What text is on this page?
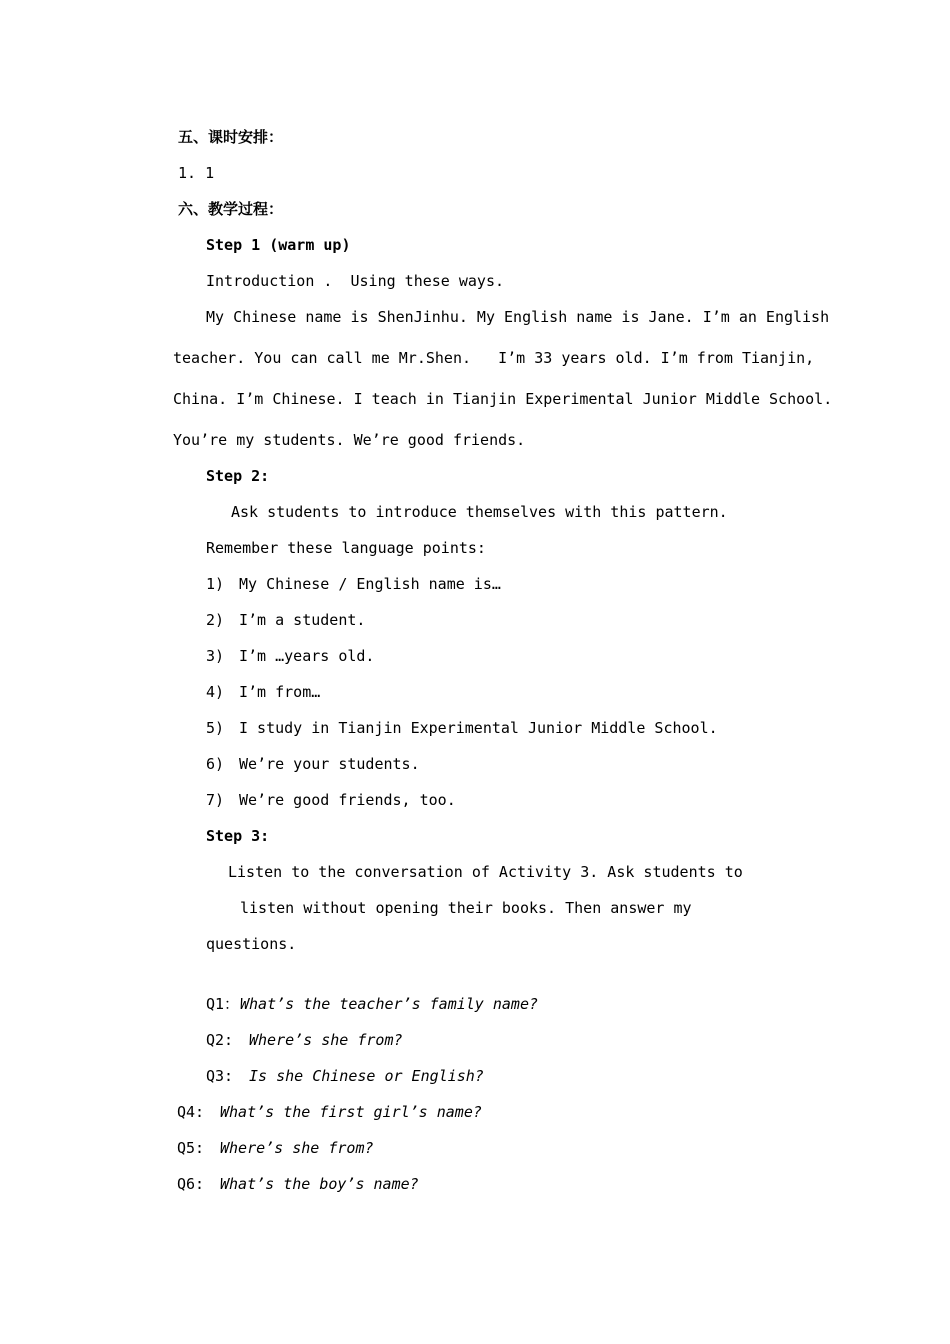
五、课时安排：
1. 1
六、教学过程：
Step 1 (warm up)
Introduction .  Using these ways.
My Chinese name is ShenJinhu. My English name is Jane. I’m an English
teacher. You can call me Mr.Shen.   I’m 33 years old. I’m from Tianjin,
China. I’m Chinese. I teach in Tianjin Experimental Junior Middle School.
You’re my students. We’re good friends.
Step 2:
Ask students to introduce themselves with this pattern.
Remember these language points:
1) My Chinese / English name is…
2) I’m a student.
3) I’m …years old.
4) I’m from…
5) I study in Tianjin Experimental Junior Middle School.
6) We’re your students.
7) We’re good friends, too.
Step 3:
Listen to the conversation of Activity 3. Ask students to
listen without opening their books. Then answer my
questions.
Q1： What’s the teacher’s family name?
Q2: Where’s she from?
Q3: Is she Chinese or English?
Q4: What’s the first girl’s name?
Q5: Where’s she from?
Q6: What’s the boy’s name?
